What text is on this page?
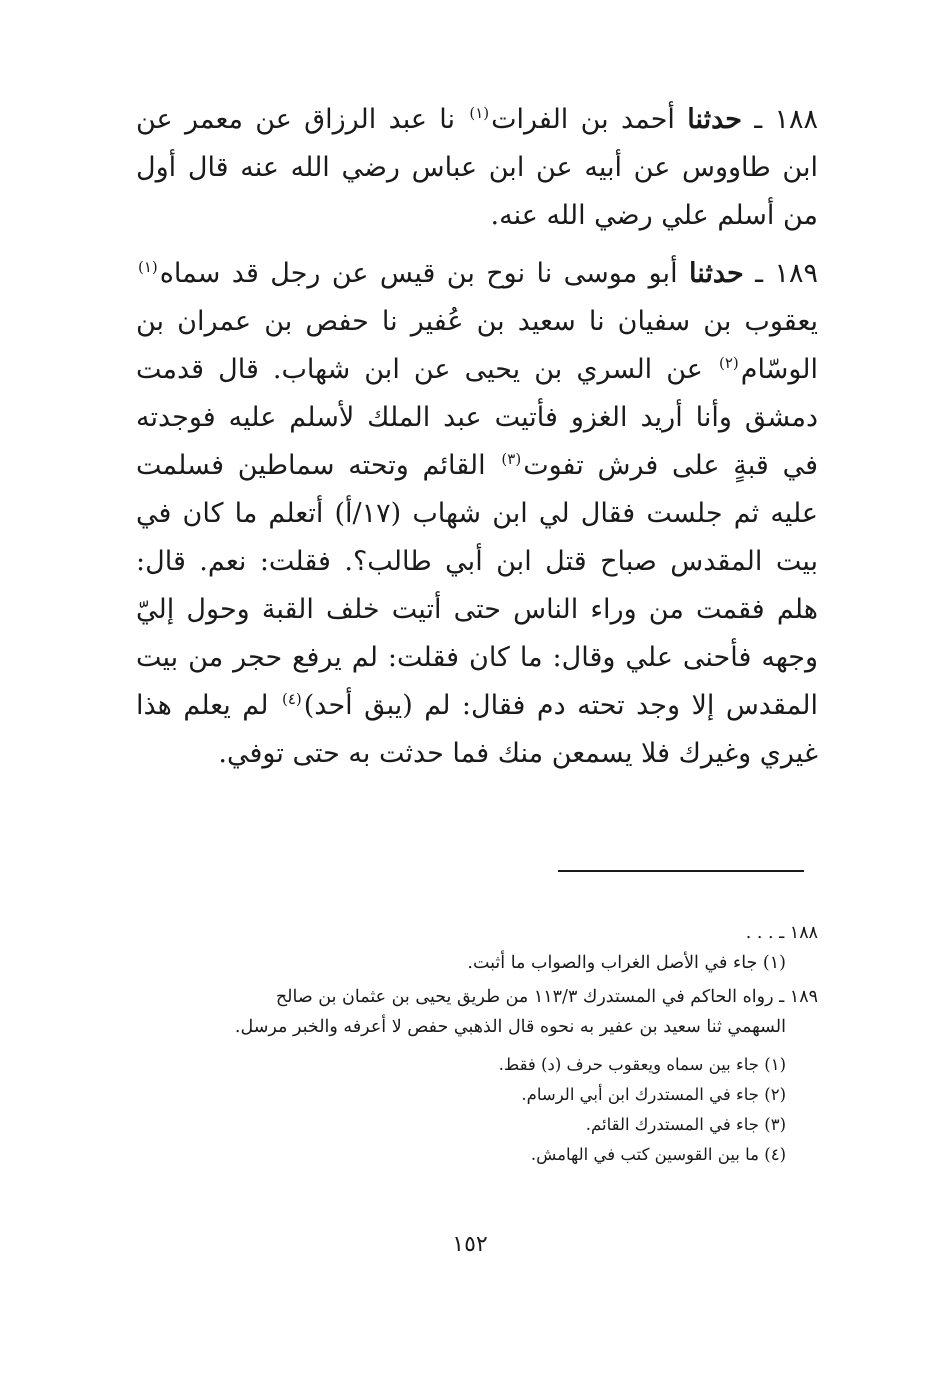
١٨٨ ـ حدثنا أحمد بن الفرات$^{(١)}$ نا عبد الرزاق عن معمر عن ابن طاووس عن أبيه عن ابن عباس رضي الله عنه قال أول من أسلم علي رضي الله عنه.

١٨٩ ـ حدثنا أبو موسى نا نوح بن قيس عن رجل قد سماه$^{(١)}$ يعقوب بن سفيان نا سعيد بن عُفير نا حفص بن عمران بن الوسّام$^{(٢)}$ عن السري بن يحيى عن ابن شهاب. قال قدمت دمشق وأنا أريد الغزو فأتيت عبد الملك لأسلم عليه فوجدته في قبةٍ على فرش تفوت$^{(٣)}$ القائم وتحته سماطين فسلمت عليه ثم جلست فقال لي ابن شهاب (١٧/أ) أتعلم ما كان في بيت المقدس صباح قتل ابن أبي طالب؟. فقلت: نعم. قال: هلم فقمت من وراء الناس حتى أتيت خلف القبة وحول إليّ وجهه فأحنى علي وقال: ما كان فقلت: لم يرفع حجر من بيت المقدس إلا وجد تحته دم فقال: لم (يبق أحد)$^{(٤)}$ لم يعلم هذا غيري وغيرك فلا يسمعن منك فما حدثت به حتى توفي.

١٨٨ ـ . . .

(١) جاء في الأصل الغراب والصواب ما أثبت.

١٨٩ ـ رواه الحاكم في المستدرك ١١٣/٣ من طريق يحيى بن عثمان بن صالح
السهمي ثنا سعيد بن عفير به نحوه قال الذهبي حفص لا أعرفه والخبر مرسل.

(١) جاء بين سماه ويعقوب حرف (د) فقط.

(٢) جاء في المستدرك ابن أبي الرسام.

(٣) جاء في المستدرك القائم.

(٤) ما بين القوسين كتب في الهامش.

١٥٢
